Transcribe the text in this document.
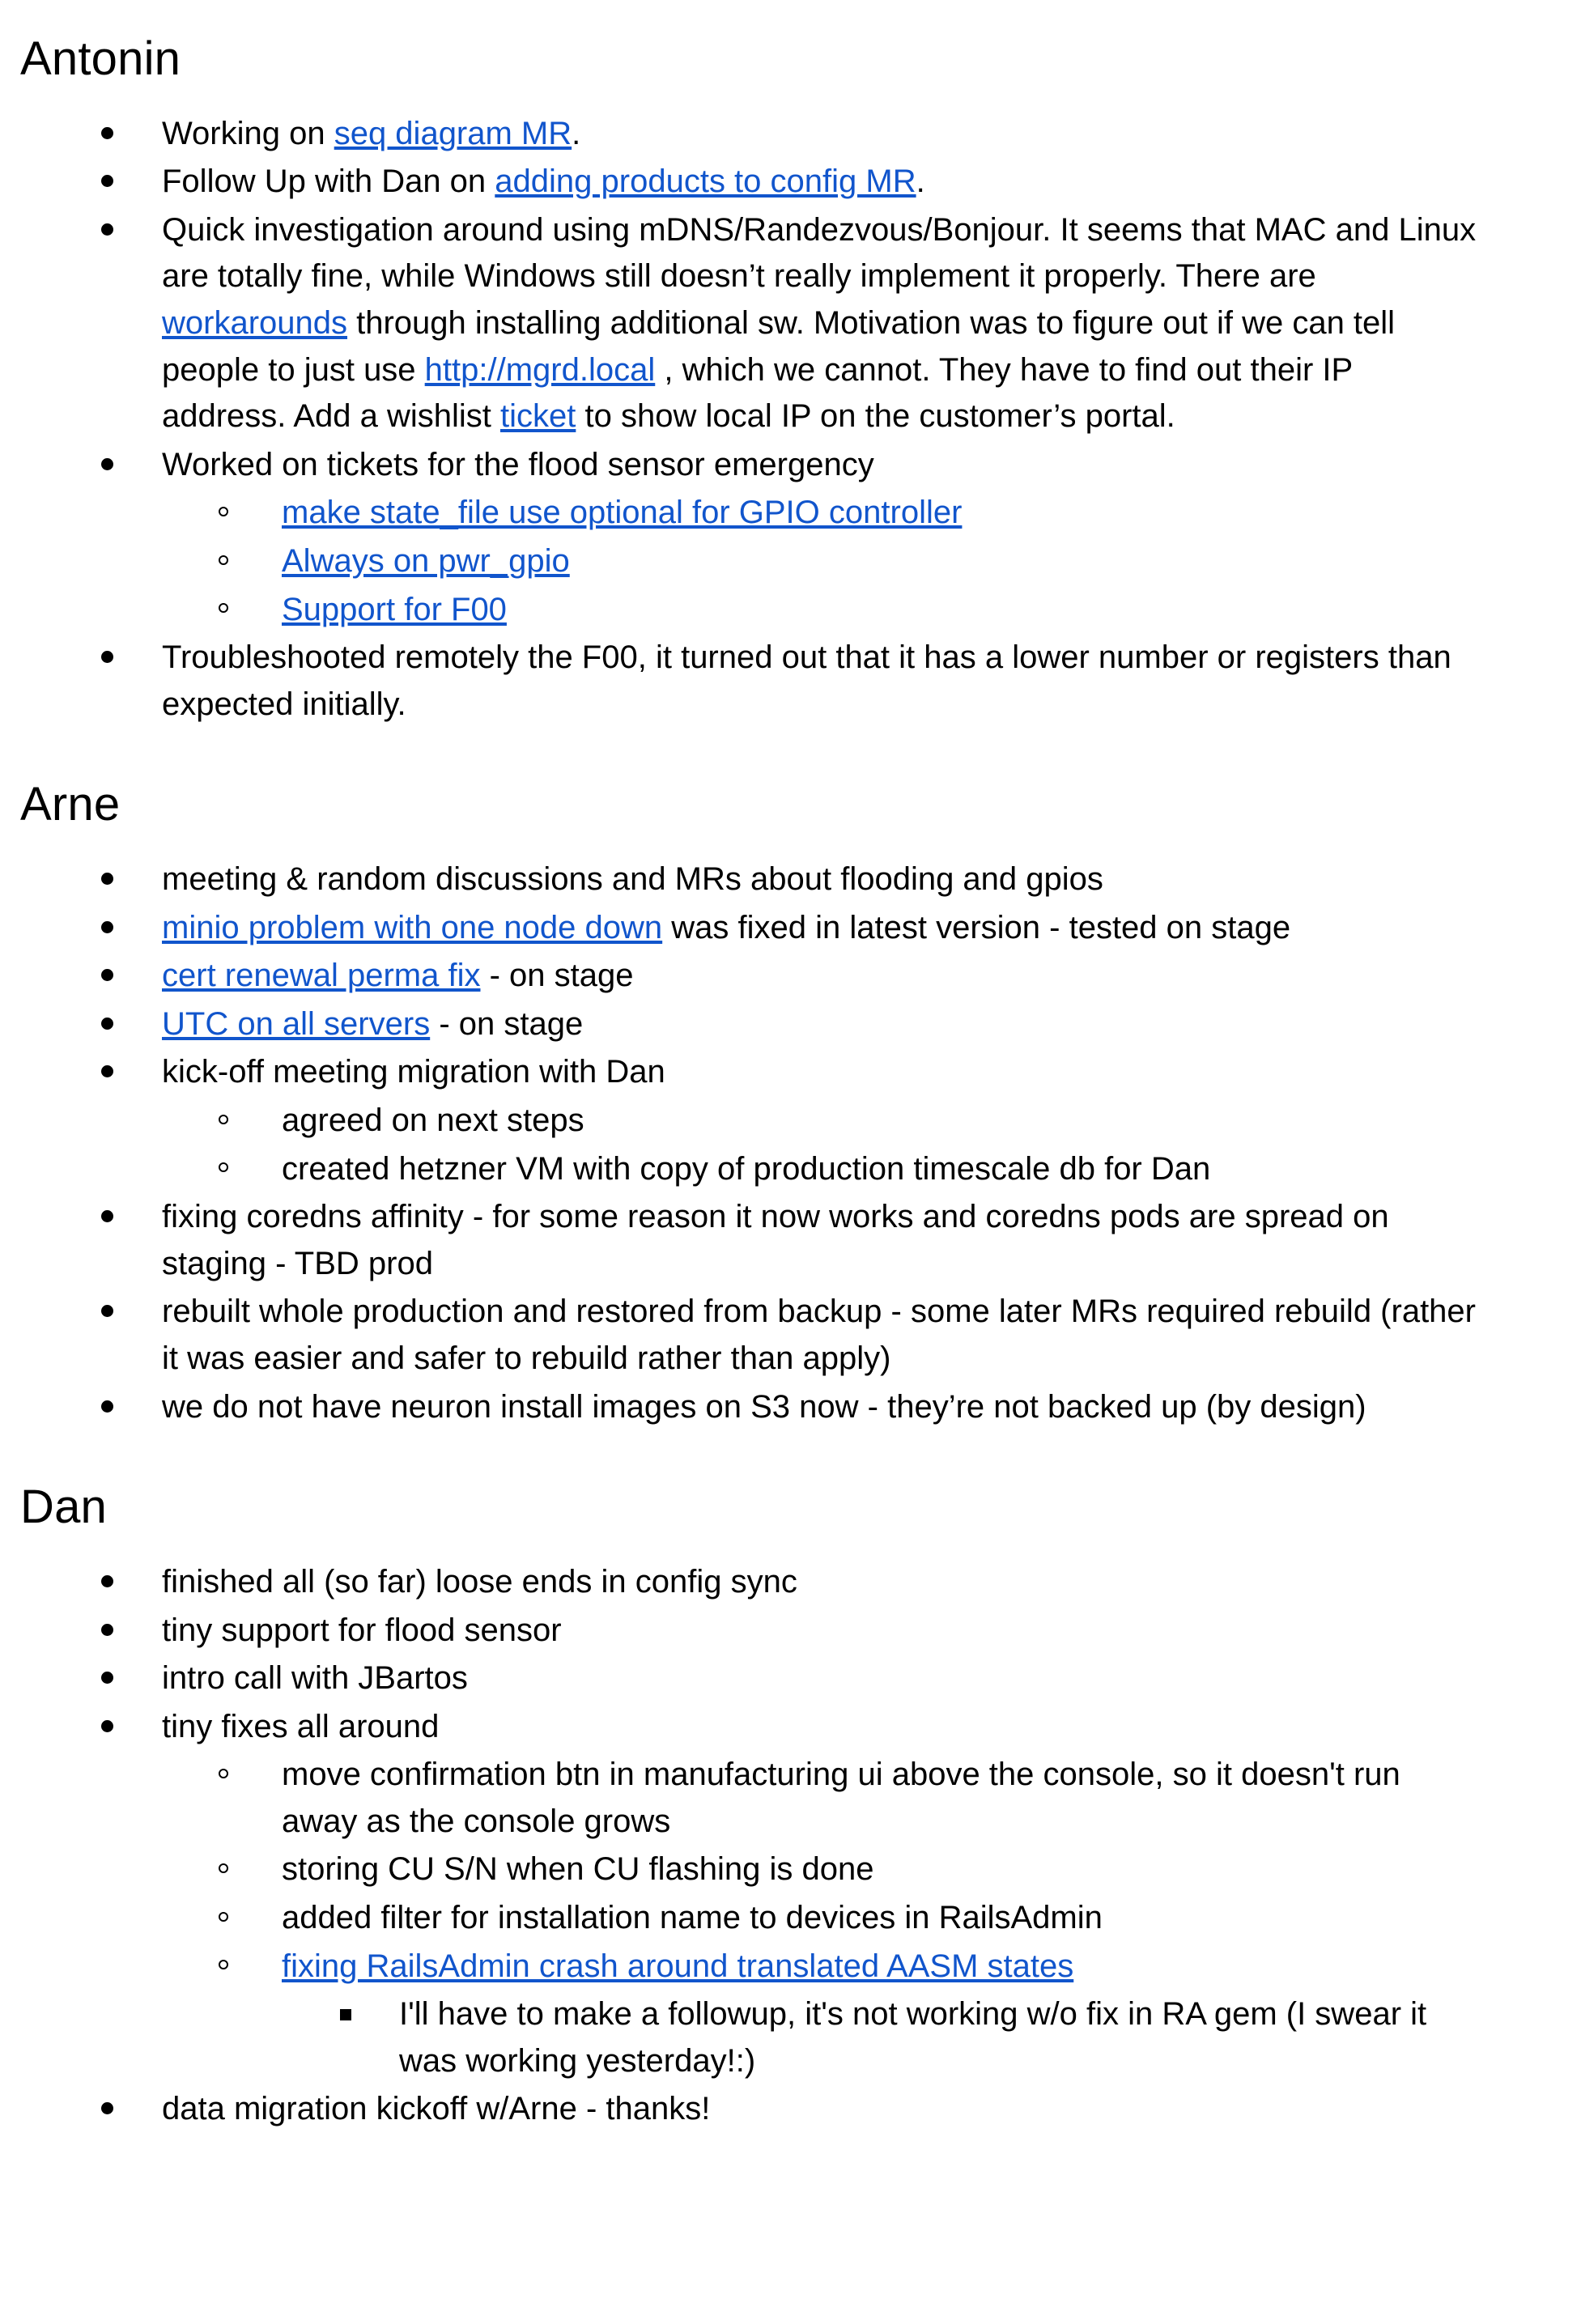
Antonin
Working on seq diagram MR.
Follow Up with Dan on adding products to config MR.
Quick investigation around using mDNS/Randezvous/Bonjour. It seems that MAC and Linux are totally fine, while Windows still doesn’t really implement it properly. There are workarounds through installing additional sw. Motivation was to figure out if we can tell people to just use http://mgrd.local , which we cannot. They have to find out their IP address. Add a wishlist ticket to show local IP on the customer’s portal.
Worked on tickets for the flood sensor emergency
make state_file use optional for GPIO controller
Always on pwr_gpio
Support for F00
Troubleshooted remotely the F00, it turned out that it has a lower number or registers than expected initially.
Arne
meeting & random discussions and MRs about flooding and gpios
minio problem with one node down was fixed in latest version - tested on stage
cert renewal perma fix - on stage
UTC on all servers - on stage
kick-off meeting migration with Dan
agreed on next steps
created hetzner VM with copy of production timescale db for Dan
fixing coredns affinity - for some reason it now works and coredns pods are spread on staging - TBD prod
rebuilt whole production and restored from backup - some later MRs required rebuild (rather it was easier and safer to rebuild rather than apply)
we do not have neuron install images on S3 now - they’re not backed up (by design)
Dan
finished all (so far) loose ends in config sync
tiny support for flood sensor
intro call with JBartos
tiny fixes all around
move confirmation btn in manufacturing ui above the console, so it doesn't run away as the console grows
storing CU S/N when CU flashing is done
added filter for installation name to devices in RailsAdmin
fixing RailsAdmin crash around translated AASM states
I'll have to make a followup, it's not working w/o fix in RA gem (I swear it was working yesterday!:)
data migration kickoff w/Arne - thanks!
